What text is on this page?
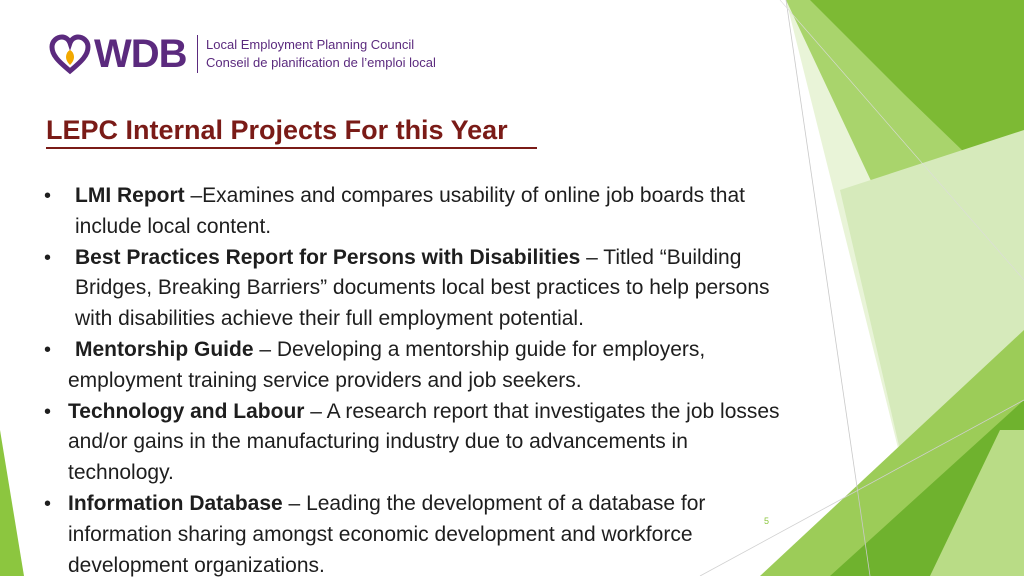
WDB Local Employment Planning Council
Conseil de planification de l’emploi local
LEPC Internal Projects For this Year
•	LMI Report –Examines and compares usability of online job boards that
include local content.
•	Best Practices Report for Persons with Disabilities – Titled “Building
Bridges, Breaking Barriers” documents local best practices to help persons
with disabilities achieve their full employment potential.
•	Mentorship Guide – Developing a mentorship guide for employers,
employment training service providers and job seekers.
• Technology and Labour – A research report that investigates the job losses
and/or gains in the manufacturing industry due to advancements in
technology.
• Information Database – Leading the development of a database for
information sharing amongst economic development and workforce
development organizations.
5
